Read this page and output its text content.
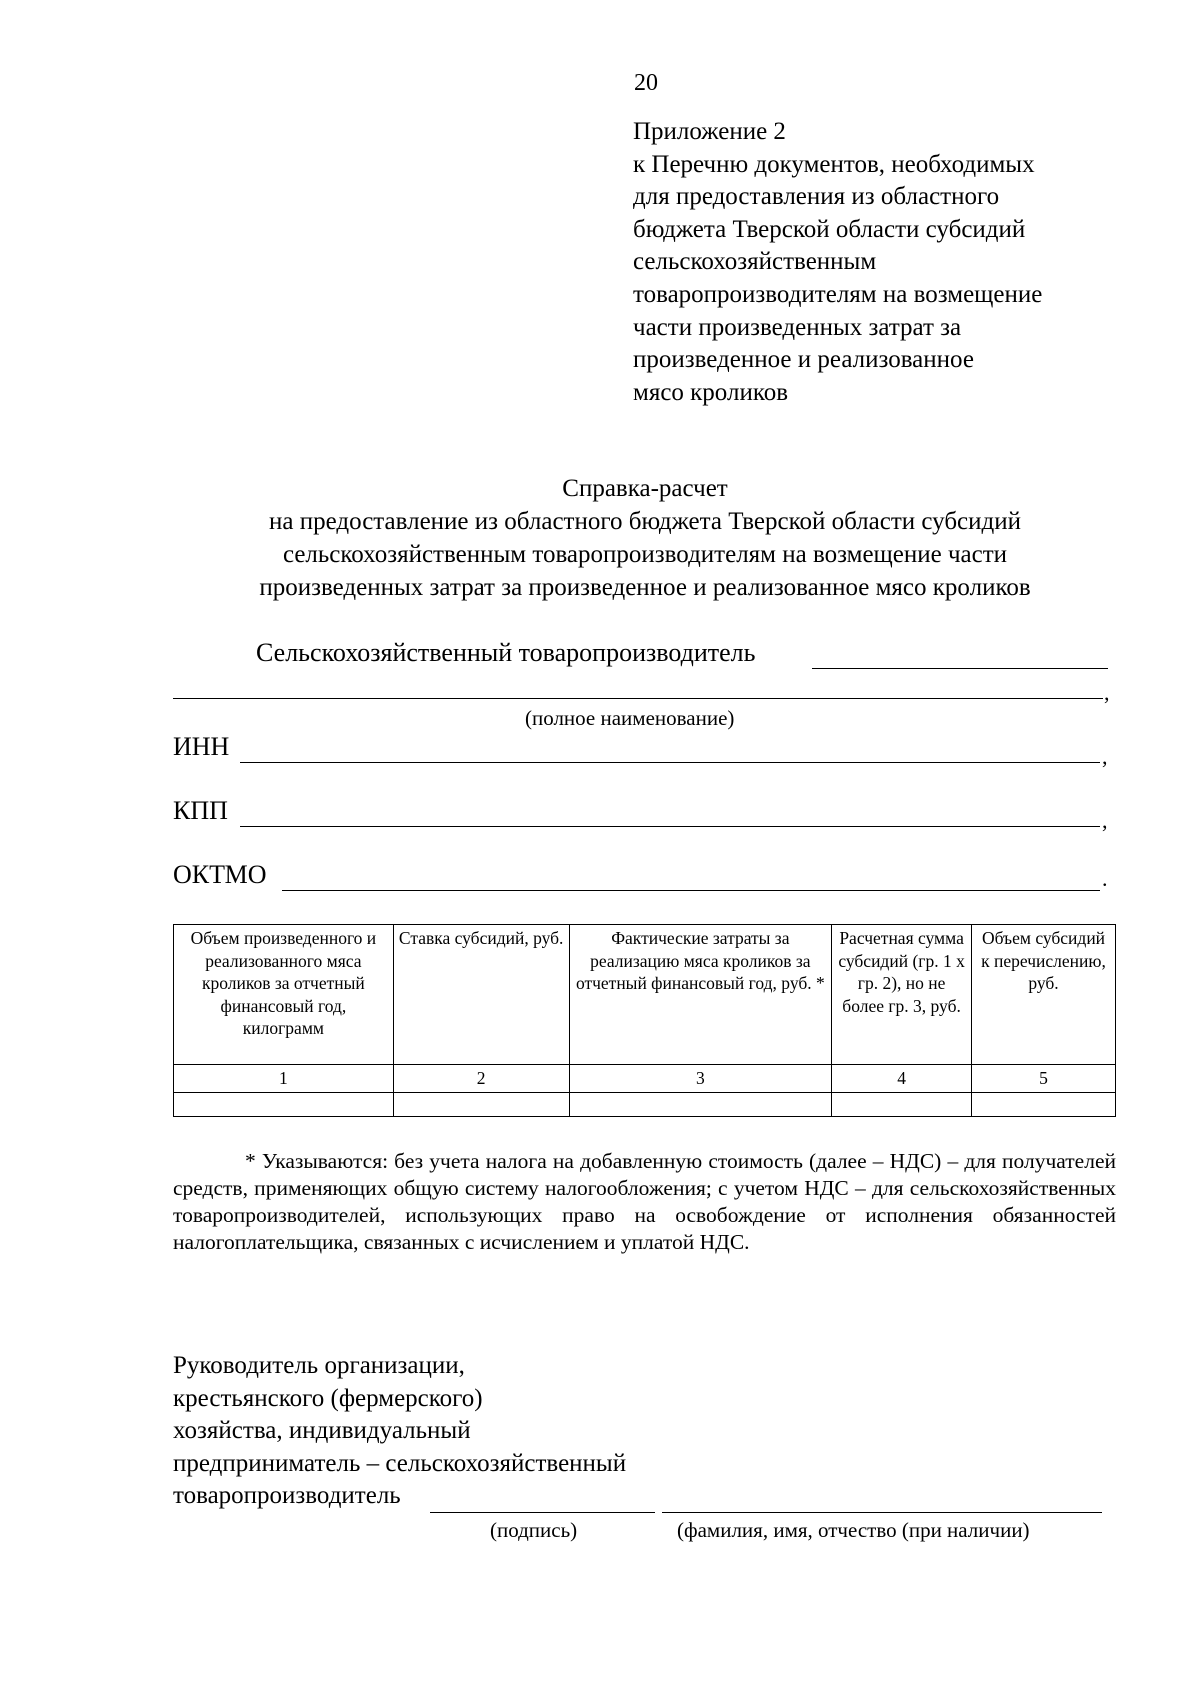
20
Приложение 2
к Перечню документов, необходимых
для предоставления из областного
бюджета Тверской области субсидий
сельскохозяйственным
товаропроизводителям на возмещение
части произведенных затрат за
произведенное и реализованное
мясо кроликов
Справка-расчет
на предоставление из областного бюджета Тверской области субсидий
сельскохозяйственным товаропроизводителям на возмещение части
произведенных затрат за произведенное и реализованное мясо кроликов
Сельскохозяйственный товаропроизводитель
,
(полное наименование)
ИНН	,
КПП	,
ОКТМО	.
Объем произведенного и реализованного мяса кроликов за отчетный финансовый год, килограмм	Ставка субсидий, руб.	Фактические затраты за реализацию мяса кроликов за отчетный финансовый год, руб. *	Расчетная сумма субсидий (гр. 1 х гр. 2), но не более гр. 3, руб.	Объем субсидий к перечислению, руб.
1	2	3	4	5

* Указываются: без учета налога на добавленную стоимость (далее – НДС) – для получателей средств, применяющих общую систему налогообложения; с учетом НДС – для сельскохозяйственных товаропроизводителей, использующих право на освобождение от исполнения обязанностей налогоплательщика, связанных с исчислением и уплатой НДС.

Руководитель организации,
крестьянского (фермерского)
хозяйства, индивидуальный
предприниматель – сельскохозяйственный
товаропроизводитель
(подпись)	(фамилия, имя, отчество (при наличии)
